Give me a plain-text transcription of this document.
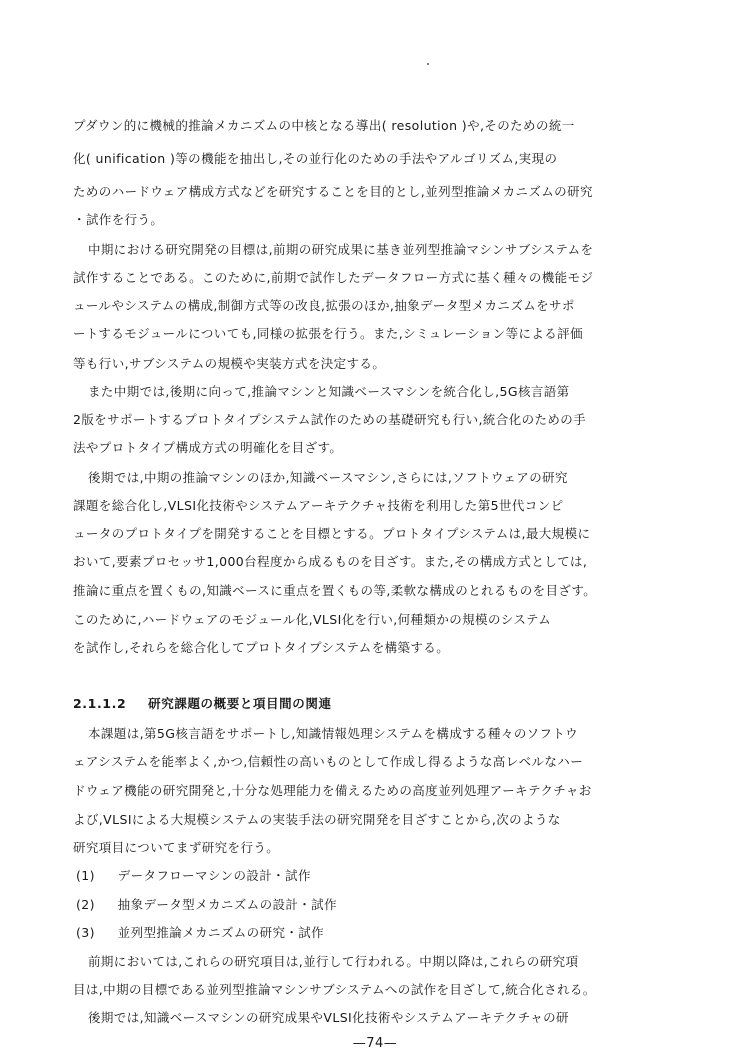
プダウン的に機械的推論メカニズムの中核となる導出( resolution )や,そのための統一
化( unification )等の機能を抽出し,その並行化のための手法やアルゴリズム,実現の
ためのハードウェア構成方式などを研究することを目的とし,並列型推論メカニズムの研究
・試作を行う。
中期における研究開発の目標は,前期の研究成果に基き並列型推論マシンサブシステムを
試作することである。このために,前期で試作したデータフロー方式に基く種々の機能モジ
ュールやシステムの構成,制御方式等の改良,拡張のほか,抽象データ型メカニズムをサポ
ートするモジュールについても,同様の拡張を行う。また,シミュレーション等による評価
等も行い,サブシステムの規模や実装方式を決定する。
また中期では,後期に向って,推論マシンと知識ベースマシンを統合化し,5G核言語第
2版をサポートするプロトタイプシステム試作のための基礎研究も行い,統合化のための手
法やプロトタイプ構成方式の明確化を目ざす。
後期では,中期の推論マシンのほか,知識ベースマシン,さらには,ソフトウェアの研究
課題を総合化し,VLSI化技術やシステムアーキテクチャ技術を利用した第5世代コンピ
ュータのプロトタイプを開発することを目標とする。プロトタイプシステムは,最大規模に
おいて,要素プロセッサ1,000台程度から成るものを目ざす。また,その構成方式としては,
推論に重点を置くもの,知識ベースに重点を置くもの等,柔軟な構成のとれるものを目ざす。
このために,ハードウェアのモジュール化,VLSI化を行い,何種類かの規模のシステム
を試作し,それらを総合化してプロトタイプシステムを構築する。
2.1.1.2 研究課題の概要と項目間の関連
本課題は,第5G核言語をサポートし,知識情報処理システムを構成する種々のソフトウ
ェアシステムを能率よく,かつ,信頼性の高いものとして作成し得るような高レベルなハー
ドウェア機能の研究開発と,十分な処理能力を備えるための高度並列処理アーキテクチャお
よび,VLSIによる大規模システムの実装手法の研究開発を目ざすことから,次のような
研究項目についてまず研究を行う。
(1) データフローマシンの設計・試作
(2) 抽象データ型メカニズムの設計・試作
(3) 並列型推論メカニズムの研究・試作
前期においては,これらの研究項目は,並行して行われる。中期以降は,これらの研究項
目は,中期の目標である並列型推論マシンサブシステムへの試作を目ざして,統合化される。
後期では,知識ベースマシンの研究成果やVLSI化技術やシステムアーキテクチャの研
—74—
